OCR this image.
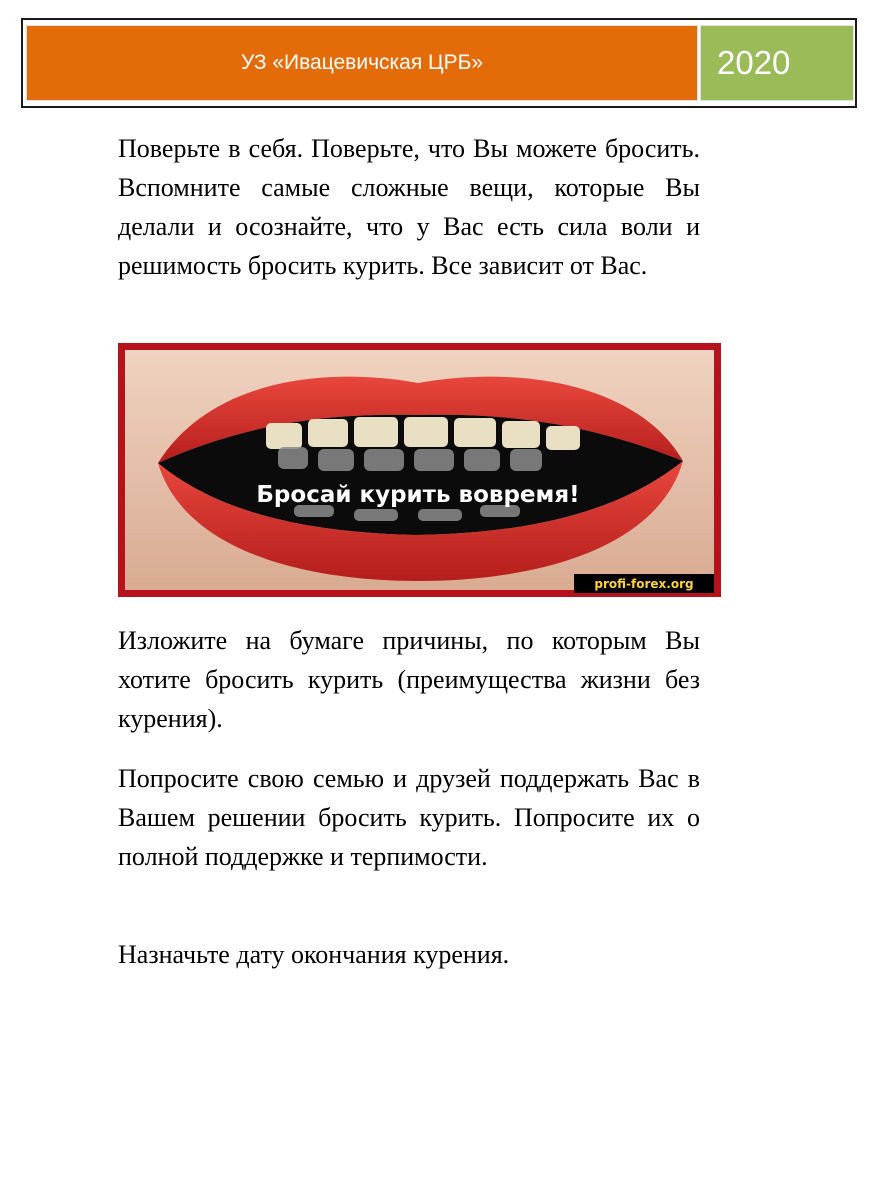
УЗ «Ивацевичская ЦРБ»	2020

Поверьте в себя. Поверьте, что Вы можете бросить. Вспомните самые сложные вещи, которые Вы делали и осознайте, что у Вас есть сила воли и решимость бросить курить. Все зависит от Вас.

Бросай курить вовремя!
profi-forex.org

Изложите на бумаге причины, по которым Вы хотите бросить курить (преимущества жизни без курения).

Попросите свою семью и друзей поддержать Вас в Вашем решении бросить курить. Попросите их о полной поддержке и терпимости.

Назначьте дату окончания курения.
